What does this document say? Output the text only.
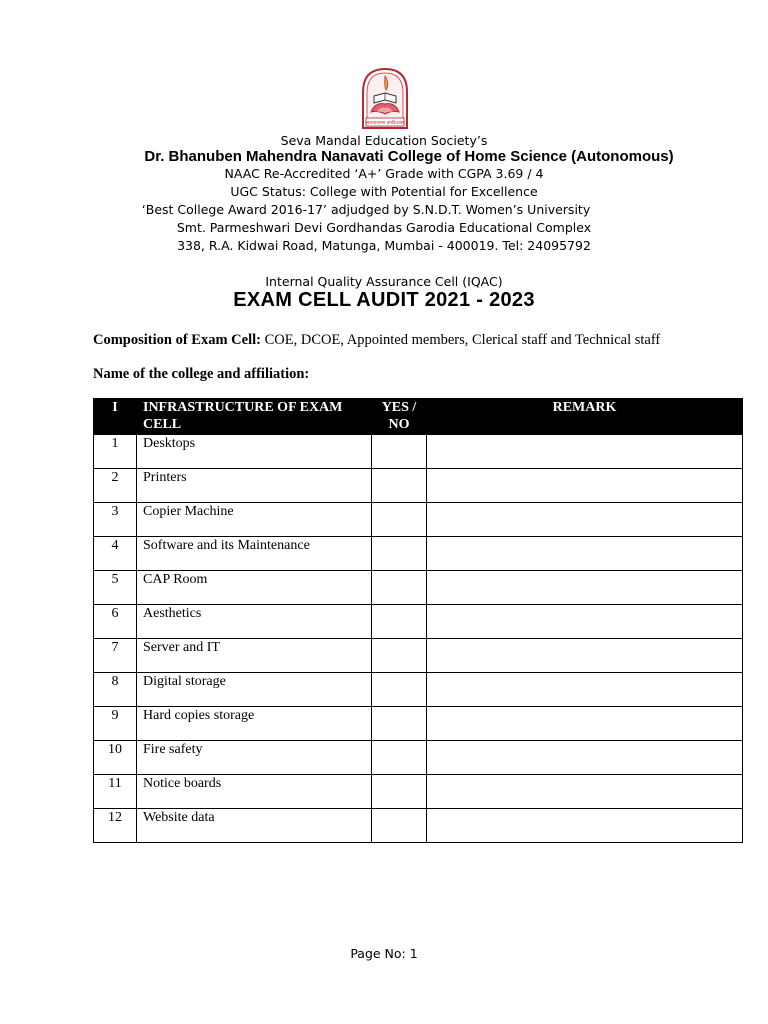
स्वाध्यायान्मा प्रमदितव्यम्
Seva Mandal Education Society’s
Dr. Bhanuben Mahendra Nanavati College of Home Science (Autonomous)
NAAC Re-Accredited ‘A+’ Grade with CGPA 3.69 / 4
UGC Status: College with Potential for Excellence
‘Best College Award 2016-17’ adjudged by S.N.D.T. Women’s University
Smt. Parmeshwari Devi Gordhandas Garodia Educational Complex
338, R.A. Kidwai Road, Matunga, Mumbai - 400019. Tel: 24095792
Internal Quality Assurance Cell (IQAC)
EXAM CELL AUDIT 2021 - 2023
Composition of Exam Cell: COE, DCOE, Appointed members, Clerical staff and Technical staff
Name of the college and affiliation:
I	INFRASTRUCTURE OF EXAM CELL	YES / NO	REMARK
1	Desktops		
2	Printers		
3	Copier Machine		
4	Software and its Maintenance		
5	CAP Room		
6	Aesthetics		
7	Server and IT		
8	Digital storage		
9	Hard copies storage		
10	Fire safety		
11	Notice boards		
12	Website data		
Page No: 1
